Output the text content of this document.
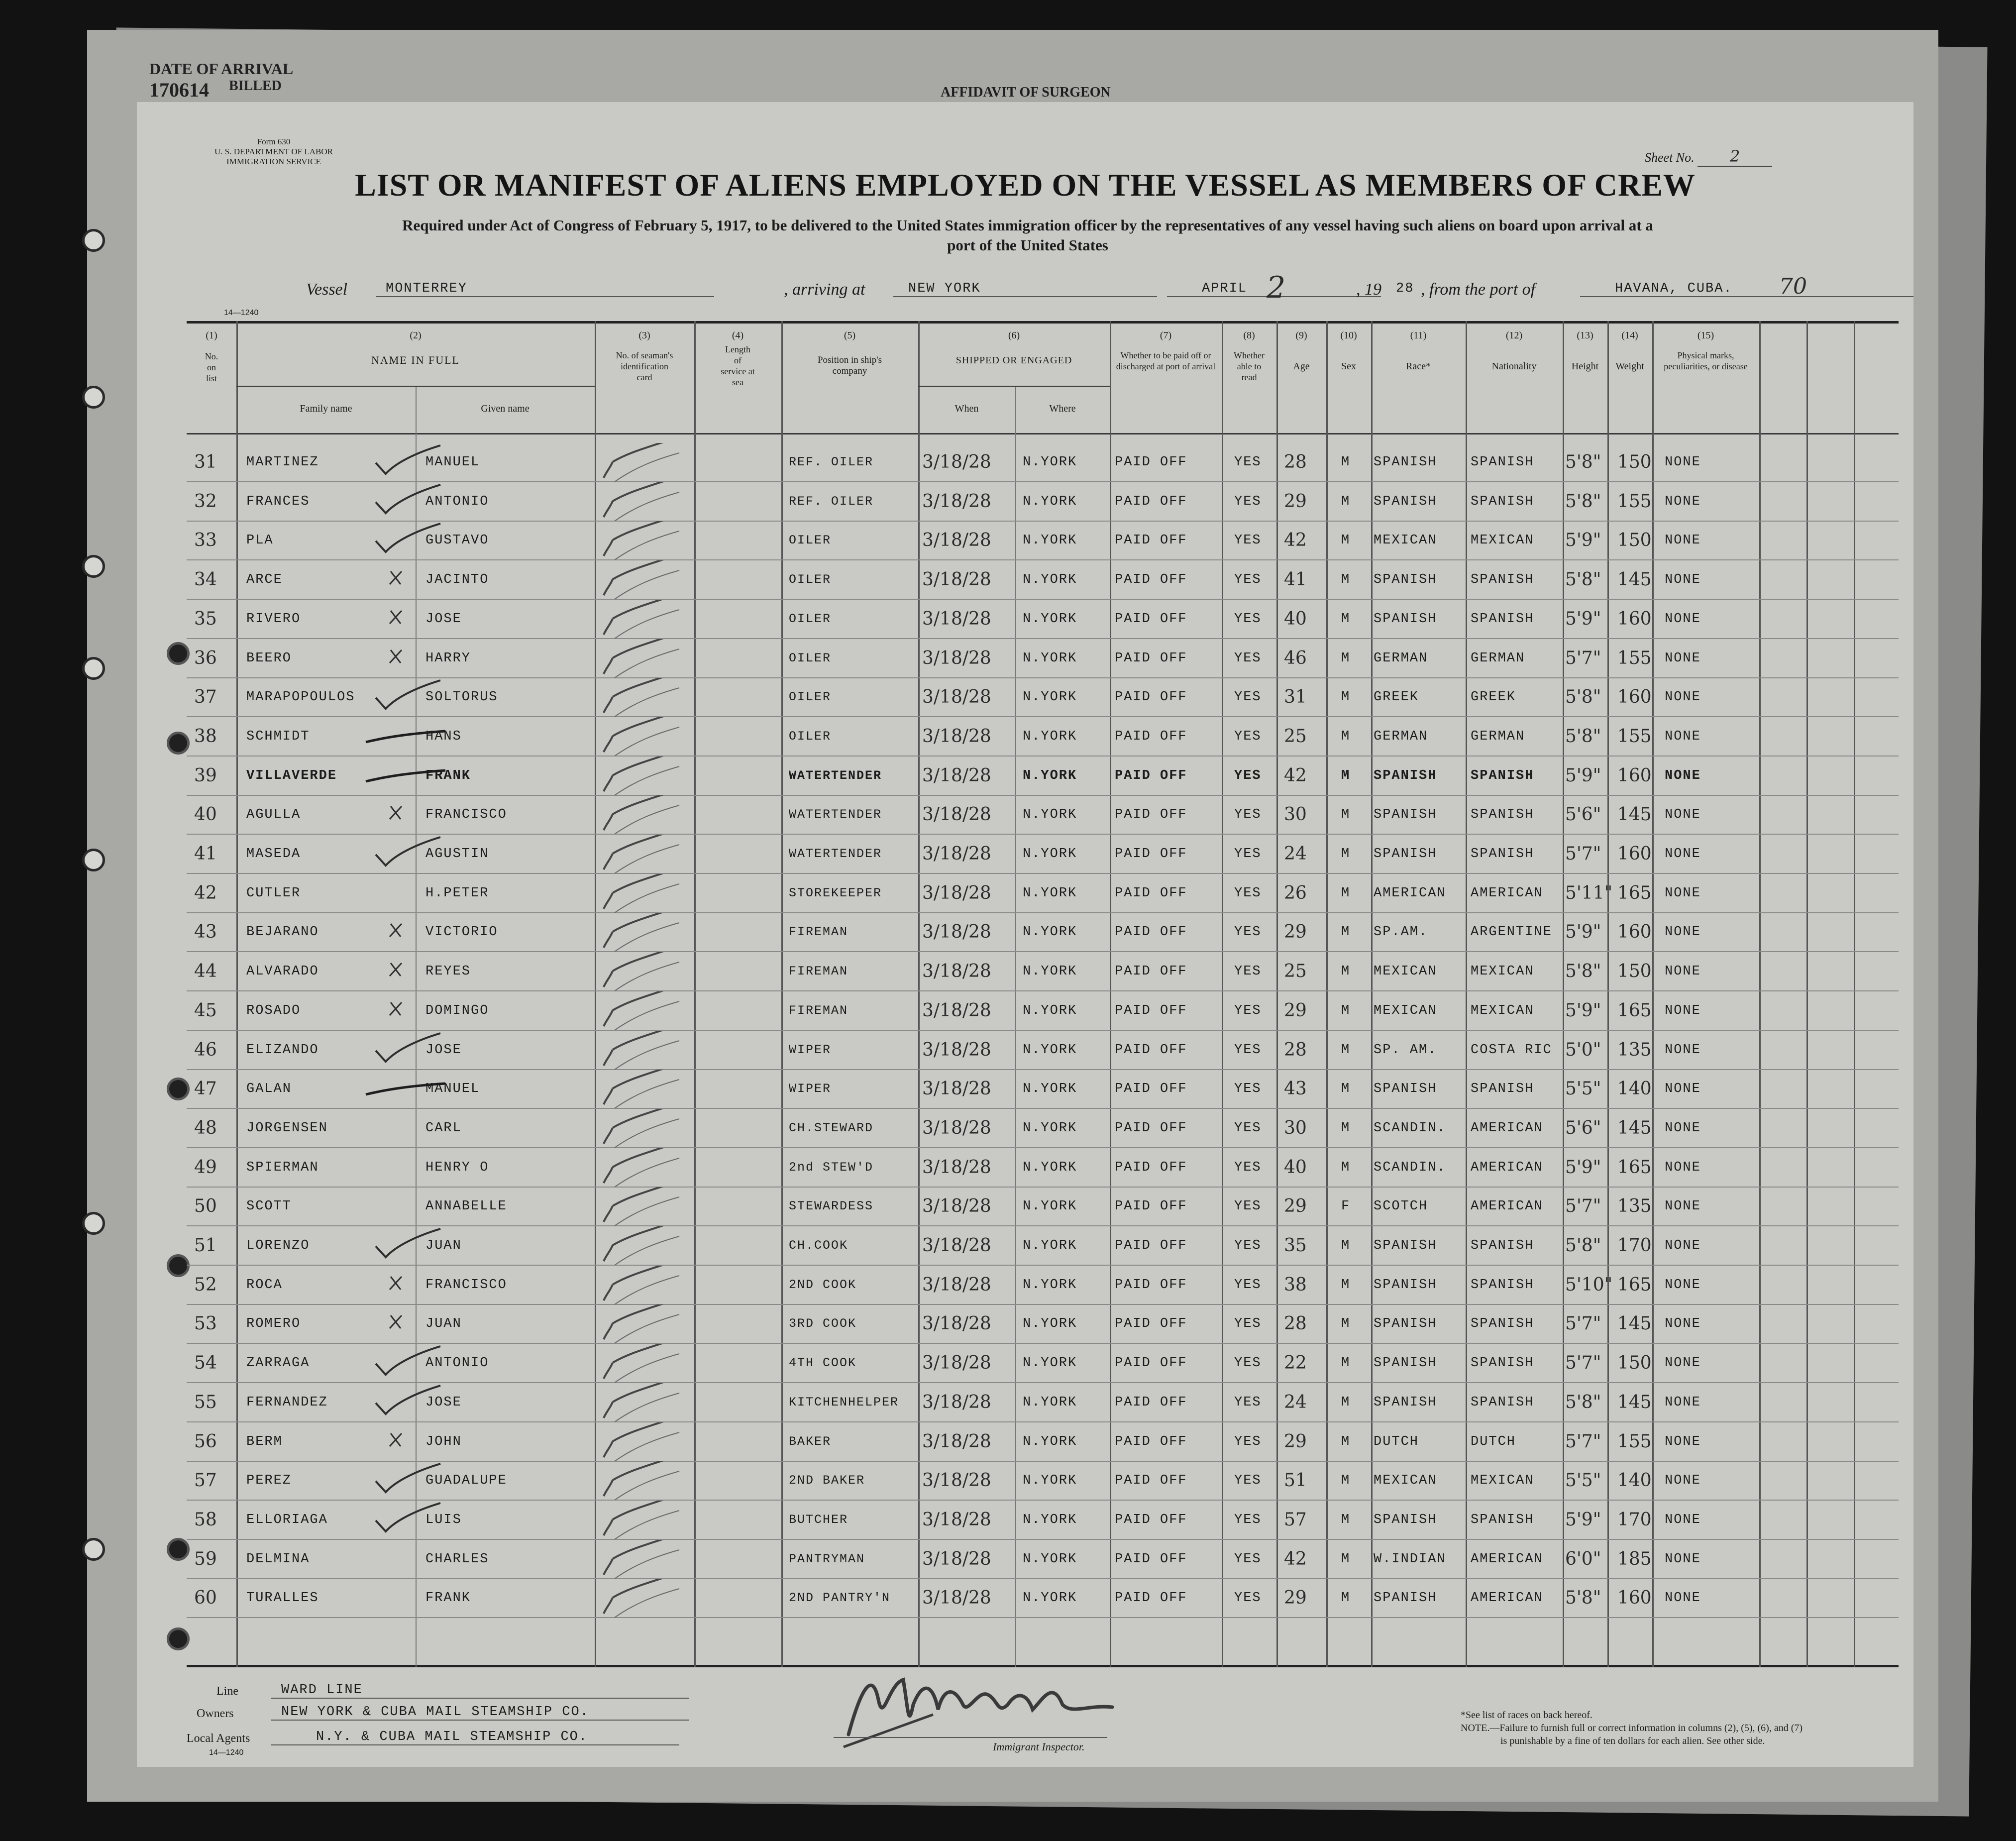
DATE OF ARRIVAL
170614 BILLED	AFFIDAVIT OF SURGEON
Form 630
U. S. DEPARTMENT OF LABOR
IMMIGRATION SERVICE	Sheet No. 2
LIST OR MANIFEST OF ALIENS EMPLOYED ON THE VESSEL AS MEMBERS OF CREW
Required under Act of Congress of February 5, 1917, to be delivered to the United States immigration officer by the representatives of any vessel having such aliens on board upon arrival at a
port of the United States
Vessel	MONTERREY	, arriving at	NEW YORK	APRIL 2	, 19 28 , from the port of	HAVANA, CUBA.	70
14—1240
(1)
No. on list
(2)
NAME IN FULL
Family name	Given name
(3)
No. of seaman's identification card
(4)
Length of service at sea
(5)
Position in ship's company
(6)
SHIPPED OR ENGAGED
When	Where
(7)
Whether to be paid off or discharged at port of arrival
(8)
Whether able to read
(9)
Age
(10)
Sex
(11)
Race*
(12)
Nationality
(13)
Height
(14)
Weight
(15)
Physical marks, peculiarities, or disease
31	MARTINEZ	MANUEL	REF. OILER	3/18/28	N.YORK	PAID OFF	YES	28	M	SPANISH	SPANISH	5'8" 150 NONE
32	FRANCES	ANTONIO	REF. OILER	3/18/28	N.YORK	PAID OFF	YES	29	M	SPANISH	SPANISH	5'8" 155 NONE
33	PLA	GUSTAVO	OILER	3/18/28	N.YORK	PAID OFF	YES	42	M	MEXICAN	MEXICAN	5'9" 150 NONE
34	ARCE	JACINTO	OILER	3/18/28	N.YORK	PAID OFF	YES	41	M	SPANISH	SPANISH	5'8" 145 NONE
35	RIVERO	JOSE	OILER	3/18/28	N.YORK	PAID OFF	YES	40	M	SPANISH	SPANISH	5'9" 160 NONE
36	BEERO	HARRY	OILER	3/18/28	N.YORK	PAID OFF	YES	46	M	GERMAN	GERMAN	5'7" 155 NONE
37	MARAPOPOULOS	SOLTORUS	OILER	3/18/28	N.YORK	PAID OFF	YES	31	M	GREEK	GREEK	5'8" 160 NONE
38	SCHMIDT	HANS	OILER	3/18/28	N.YORK	PAID OFF	YES	25	M	GERMAN	GERMAN	5'8" 155 NONE
39	VILLAVERDE	FRANK	WATERTENDER	3/18/28	N.YORK	PAID OFF	YES	42	M	SPANISH	SPANISH	5'9" 160 NONE
40	AGULLA	FRANCISCO	WATERTENDER	3/18/28	N.YORK	PAID OFF	YES	30	M	SPANISH	SPANISH	5'6" 145 NONE
41	MASEDA	AGUSTIN	WATERTENDER	3/18/28	N.YORK	PAID OFF	YES	24	M	SPANISH	SPANISH	5'7" 160 NONE
42	CUTLER	H.PETER	STOREKEEPER	3/18/28	N.YORK	PAID OFF	YES	26	M	AMERICAN	AMERICAN	5'11" 165 NONE
43	BEJARANO	VICTORIO	FIREMAN	3/18/28	N.YORK	PAID OFF	YES	29	M	SP.AM.	ARGENTINE 5'9" 160 NONE
44	ALVARADO	REYES	FIREMAN	3/18/28	N.YORK	PAID OFF	YES	25	M	MEXICAN	MEXICAN	5'8" 150 NONE
45	ROSADO	DOMINGO	FIREMAN	3/18/28	N.YORK	PAID OFF	YES	29	M	MEXICAN	MEXICAN	5'9" 165 NONE
46	ELIZANDO	JOSE	WIPER	3/18/28	N.YORK	PAID OFF	YES	28	M	SP. AM.	COSTA RIC 5'0" 135 NONE
47	GALAN	MANUEL	WIPER	3/18/28	N.YORK	PAID OFF	YES	43	M	SPANISH	SPANISH	5'5" 140 NONE
48	JORGENSEN	CARL	CH.STEWARD	3/18/28	N.YORK	PAID OFF	YES	30	M	SCANDIN.	AMERICAN	5'6" 145 NONE
49	SPIERMAN	HENRY O	2nd STEW'D	3/18/28	N.YORK	PAID OFF	YES	40	M	SCANDIN.	AMERICAN	5'9" 165 NONE
50	SCOTT	ANNABELLE	STEWARDESS	3/18/28	N.YORK	PAID OFF	YES	29	F	SCOTCH	AMERICAN	5'7" 135 NONE
51	LORENZO	JUAN	CH.COOK	3/18/28	N.YORK	PAID OFF	YES	35	M	SPANISH	SPANISH	5'8" 170 NONE
52	ROCA	FRANCISCO	2ND COOK	3/18/28	N.YORK	PAID OFF	YES	38	M	SPANISH	SPANISH	5'10" 165 NONE
53	ROMERO	JUAN	3RD COOK	3/18/28	N.YORK	PAID OFF	YES	28	M	SPANISH	SPANISH	5'7" 145 NONE
54	ZARRAGA	ANTONIO	4TH COOK	3/18/28	N.YORK	PAID OFF	YES	22	M	SPANISH	SPANISH	5'7" 150 NONE
55	FERNANDEZ	JOSE	KITCHENHELPER	3/18/28	N.YORK	PAID OFF	YES	24	M	SPANISH	SPANISH	5'8" 145 NONE
56	BERM	JOHN	BAKER	3/18/28	N.YORK	PAID OFF	YES	29	M	DUTCH	DUTCH	5'7" 155 NONE
57	PEREZ	GUADALUPE	2ND BAKER	3/18/28	N.YORK	PAID OFF	YES	51	M	MEXICAN	MEXICAN	5'5" 140 NONE
58	ELLORIAGA	LUIS	BUTCHER	3/18/28	N.YORK	PAID OFF	YES	57	M	SPANISH	SPANISH	5'9" 170 NONE
59	DELMINA	CHARLES	PANTRYMAN	3/18/28	N.YORK	PAID OFF	YES	42	M	W.INDIAN	AMERICAN	6'0" 185 NONE
60	TURALLES	FRANK	2ND PANTRY'N	3/18/28	N.YORK	PAID OFF	YES	29	M	SPANISH	AMERICAN	5'8" 160 NONE
Line	WARD LINE
Owners	NEW YORK & CUBA MAIL STEAMSHIP CO.
Local Agents	N.Y. & CUBA MAIL STEAMSHIP CO.
14—1240	Immigrant Inspector.
*See list of races on back hereof.
NOTE.—Failure to furnish full or correct information in columns (2), (5), (6), and (7)
is punishable by a fine of ten dollars for each alien. See other side.
